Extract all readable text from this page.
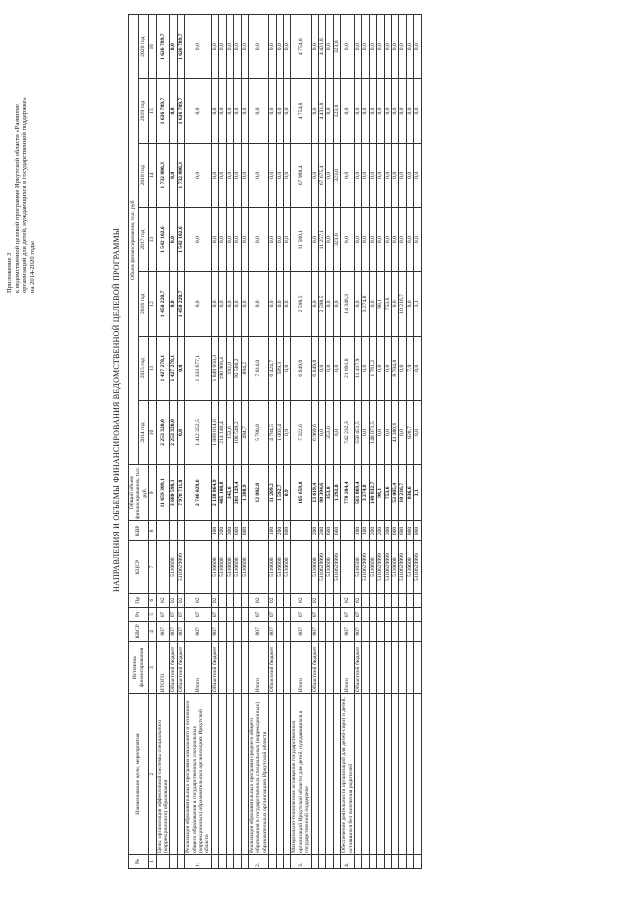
Приложение 3 к ведомственной целевой программе Иркутской области «Развитие организаций для детей, нуждающихся в государственной поддержке» на 2014-2020 годы	НАПРАВЛЕНИЯ И ОБЪЕМЫ ФИНАНСИРОВАНИЯ ВЕДОМСТВЕННОЙ ЦЕЛЕВОЙ ПРОГРАММЫ
№	Наименование цели, мероприятия	Источник финансирования	КВСР	Рз	Пр	КЦСР	КВР	Общий объем финансирования, тыс. руб.	Объем финансирования, тыс. руб.						
									2014 год	2015 год	2016 год	2017 год	2018 год	2019 год	2020 год
1	2	3	4	5	6	7	8	9	10	11	12	13	14	15	16
	Цель: организация эффективной системы специального (коррекционного) образования	ИТОГО	807	07	02			11 659 309,1	2 253 320,0	1 427 278,1	1 450 228,7	1 542 102,6	1 732 800,3	1 626 789,7	1 626 789,7
		Областной бюджет	807	07	02	5110600		3 680 598,1	2 253 320,0	1 427 278,1	0,0	0,0	0,0	0,0	0,0
		Областной бюджет	807	07	02	5110629999		7 978 711,0	0,0	0,0	1 450 228,7	1 542 102,6	1 732 800,3	1 626 789,7	1 626 789,7
1.	Реализация образовательных программ начального и основного общего образования в государственных специальных (коррекционных) образовательных организациях Иркутской области	Итого	807	07	02			2 746 029,6	1 412 352,5	1 333 677,1	0,0	0,0	0,0	0,0	0,0
		Областной бюджет	807	07	02	5110600	100	2 138 064,9	1 089 014,6	1 049 050,3	0,0	0,0	0,0	0,0	0,0
						5110600	200	405 100,8	214 140,4	190 960,4	0,0	0,0	0,0	0,0	0,0
						5110600	300	345,6	153,6	192,0	0,0	0,0	0,0	0,0	0,0
						5110600	600	201 129,4	108 549,2	92 580,2	0,0	0,0	0,0	0,0	0,0
						5110600	800	1 388,9	494,7	894,2	0,0	0,0	0,0	0,0	0,0
2.	Реализация образовательных программ среднего общего образования в государственных специальных (коррекционных) образовательных организациях Иркутской области	Итого	807	07	02			12 802,8	5 788,8	7 014,0	0,0	0,0	0,0	0,0	0,0
		Областной бюджет	807	07	02	5110600	100	11 209,2	4 784,5	6 424,7	0,0	0,0	0,0	0,0	0,0
						5110600	200	1 592,7	1 003,4	589,3	0,0	0,0	0,0	0,0	0,0
						5110600	800	0,9	0,9	0,0	0,0	0,0	0,0	0,0	0,0
3.	Материально-техническое оснащение государственных организаций Иркутской области для детей, нуждающихся в государственной поддержке	Итого	807	07	02			105 659,0	7 322,6	6 649,8	2 598,5	11 580,1	67 998,4	4 754,8	4 754,8
		Областной бюджет	807	07	02	5110600	200	13 619,4	6 969,6	6 649,8	0,0	0,0	0,0	0,0	0,0
						5110629999	200	90 394,6	0,0	0,0	2 598,5	11 257,1	67 675,4	4 431,8	4 431,8
						5110600	600	353,0	353,0	0,0	0,0	0,0	0,0	0,0	0,0
						5110629999	600	1 292,0	0,0	0,0	0,0	323,0	323,0	323,0	323,0
4.	Обеспечение деятельности организаций для детей-сирот и детей, оставшихся без попечения родителей	Итого	807	07	02			778 204,4	742 232,3	21 891,8	14 346,3	0,0	0,0	0,0	0,0
		Областной бюджет	807	07	02	5110500	100	561 869,4	550 451,5	11 417,9	0,0	0,0	0,0	0,0	0,0
						5110629999	100	3 274,8	0,0	0,0	3 274,8	0,0	0,0	0,0	0,0
						5110600	200	149 832,7	148 071,5	1 761,2	0,0	0,0	0,0	0,0	0,0
						5110629999	200	98,1	0,0	0,0	98,1	0,0	0,0	0,0	0,0
						5110629999	300	753,6	0,0	0,0	753,6	0,0	0,0	0,0	0,0
						5110600	600	52 085,4	43 380,6	8 704,8	0,0	0,0	0,0	0,0	0,0
						5110629999	600	10 216,7	0,0	0,0	10 216,7	0,0	0,0	0,0	0,0
						5110600	800	836,6	828,7	7,9	0,0	0,0	0,0	0,0	0,0
						5110629999	800	3,1	0,0	0,0	3,1	0,0	0,0	0,0	0,0
